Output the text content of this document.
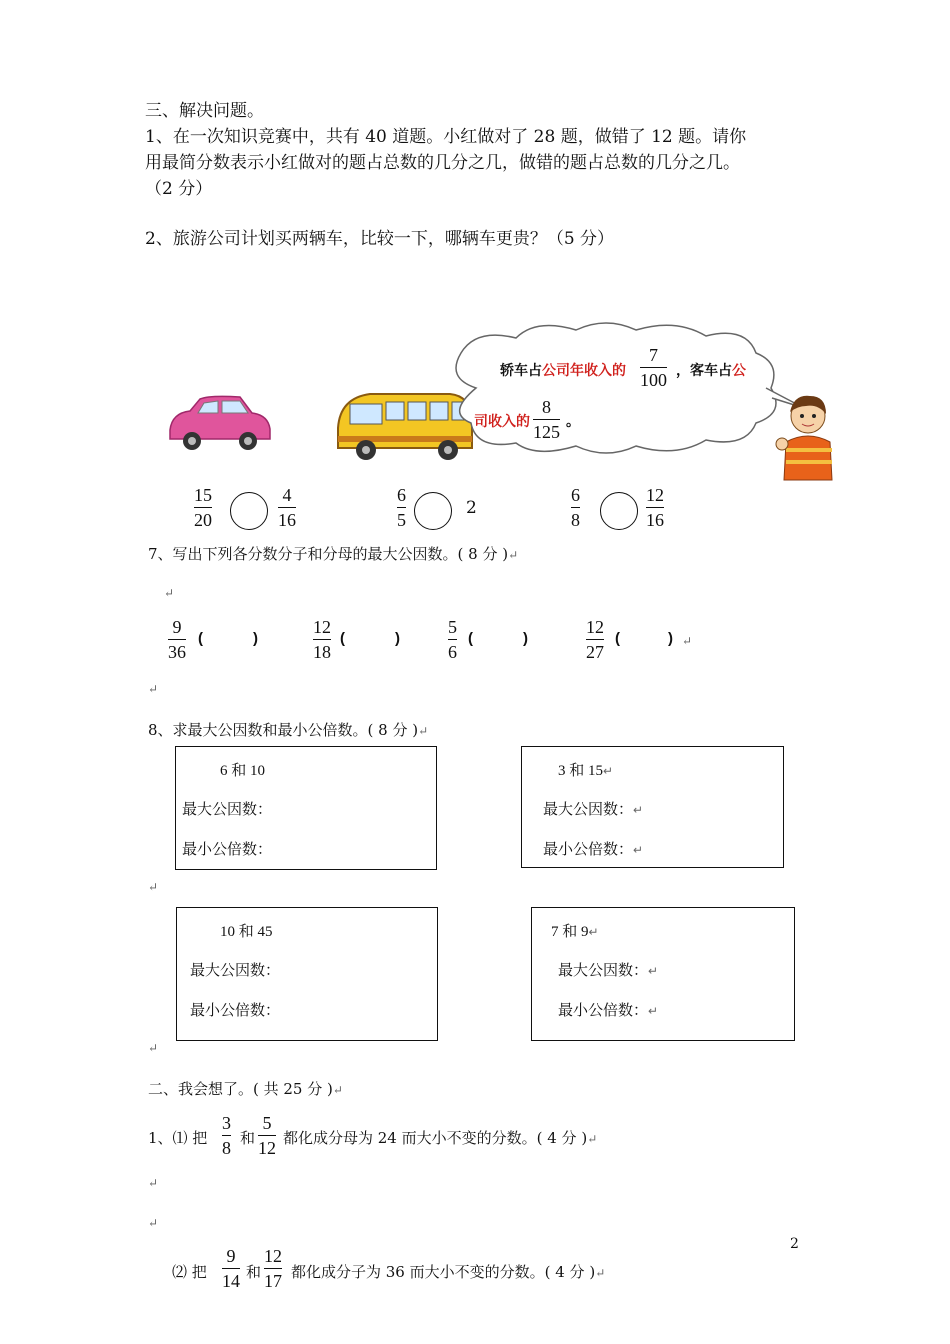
三、解决问题。
1、在一次知识竞赛中，共有 40 道题。小红做对了 28 题，做错了 12 题。请你
用最简分数表示小红做对的题占总数的几分之几，做错的题占总数的几分之几。
（2 分）
2、旅游公司计划买两辆车，比较一下，哪辆车更贵？（5 分）
轿车占公司年收入的
7
100 ，客车占公
司收入的
8
125 。
15
20
4
16
6
5
2
6
8
12
16
7、写出下列各分数分子和分母的最大公因数。( 8 分 )↵
↵
9
36
(	)
12
18
(	)
5
6
(	)
12
27
(	) ↵
↵
8、求最大公因数和最小公倍数。( 8 分 )↵
6 和 10
最大公因数：
最小公倍数：
3 和 15↵
最大公因数：↵
最小公倍数：↵
↵
10 和 45
最大公因数：
最小公倍数：
7 和 9↵
最大公因数：↵
最小公倍数：↵
↵
二、我会想了。( 共 25 分 )↵
1、⑴ 把
3
8 和
5
12 都化成分母为 24 而大小不变的分数。( 4 分 )↵
↵
↵
2
⑵ 把
9
14 和
12
17 都化成分子为 36 而大小不变的分数。( 4 分 )↵
